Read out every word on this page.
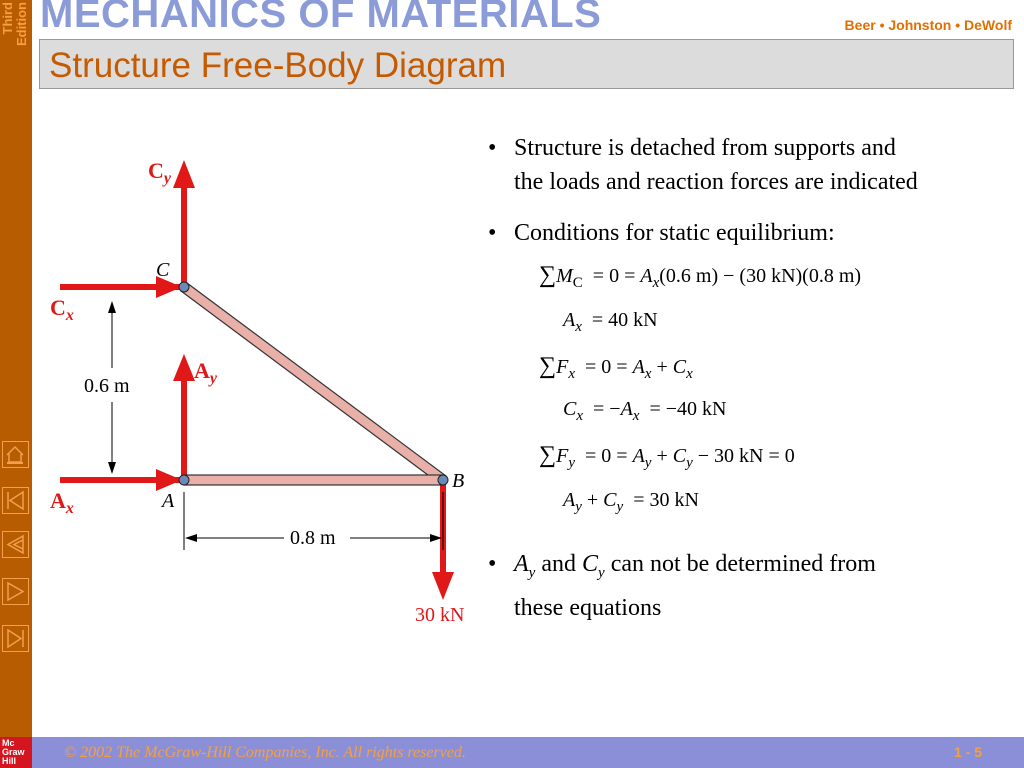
Third Edition MECHANICS OF MATERIALS	Beer • Johnston • DeWolf
Structure Free-Body Diagram
$C_y$
C
$C_x$
0.6 m
$A_y$
$A_x$	A
B
0.8 m
30 kN
• Structure is detached from supports and
the loads and reaction forces are indicated
• Conditions for static equilibrium:
$\sum M_C = 0 = A_x(0.6$ m) − (30 kN)(0.8 m)
$A_x = 40$ kN
$\sum F_x = 0 = A_x + C_x$
$C_x = -A_x = -40$ kN
$\sum F_y = 0 = A_y + C_y - 30$ kN = 0
$A_y + C_y = 30$ kN
• $A_y$ and $C_y$ can not be determined from
these equations
Mc
Graw
Hill	© 2002 The McGraw-Hill Companies, Inc. All rights reserved.	1 - 5
